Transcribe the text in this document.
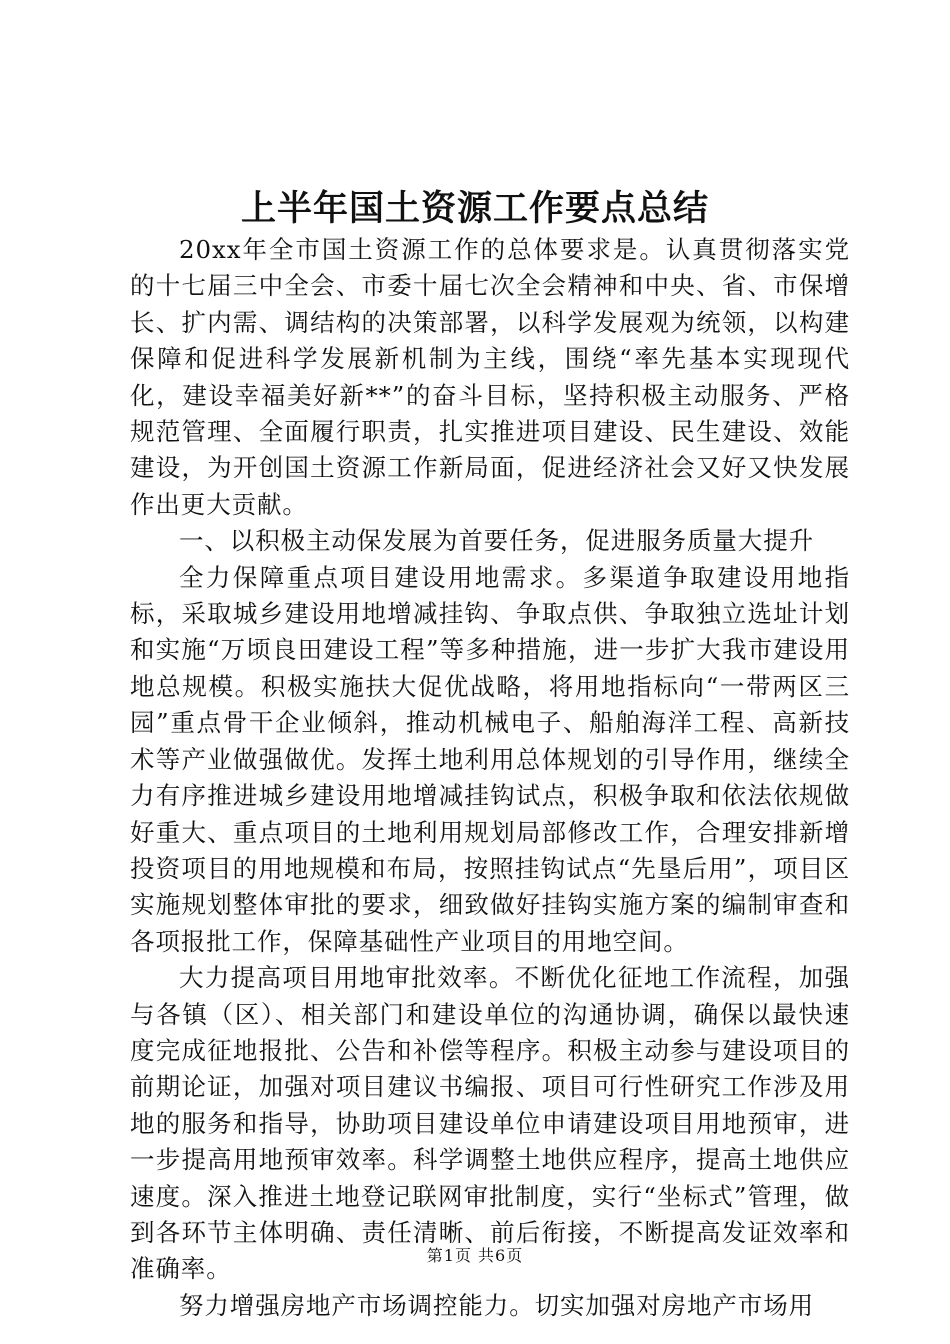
上半年国土资源工作要点总结

20xx年全市国土资源工作的总体要求是。认真贯彻落实党的十七届三中全会、市委十届七次全会精神和中央、省、市保增长、扩内需、调结构的决策部署，以科学发展观为统领，以构建保障和促进科学发展新机制为主线，围绕“率先基本实现现代化，建设幸福美好新**”的奋斗目标，坚持积极主动服务、严格规范管理、全面履行职责，扎实推进项目建设、民生建设、效能建设，为开创国土资源工作新局面，促进经济社会又好又快发展作出更大贡献。

一、以积极主动保发展为首要任务，促进服务质量大提升

全力保障重点项目建设用地需求。多渠道争取建设用地指标，采取城乡建设用地增减挂钩、争取点供、争取独立选址计划和实施“万顷良田建设工程”等多种措施，进一步扩大我市建设用地总规模。积极实施扶大促优战略，将用地指标向“一带两区三园”重点骨干企业倾斜，推动机械电子、船舶海洋工程、高新技术等产业做强做优。发挥土地利用总体规划的引导作用，继续全力有序推进城乡建设用地增减挂钩试点，积极争取和依法依规做好重大、重点项目的土地利用规划局部修改工作，合理安排新增投资项目的用地规模和布局，按照挂钩试点“先垦后用”，项目区实施规划整体审批的要求，细致做好挂钩实施方案的编制审查和各项报批工作，保障基础性产业项目的用地空间。

大力提高项目用地审批效率。不断优化征地工作流程，加强与各镇（区）、相关部门和建设单位的沟通协调，确保以最快速度完成征地报批、公告和补偿等程序。积极主动参与建设项目的前期论证，加强对项目建议书编报、项目可行性研究工作涉及用地的服务和指导，协助项目建设单位申请建设项目用地预审，进一步提高用地预审效率。科学调整土地供应程序，提高土地供应速度。深入推进土地登记联网审批制度，实行“坐标式”管理，做到各环节主体明确、责任清晰、前后衔接，不断提高发证效率和准确率。

努力增强房地产市场调控能力。切实加强对房地产市场用

第1页 共6页
